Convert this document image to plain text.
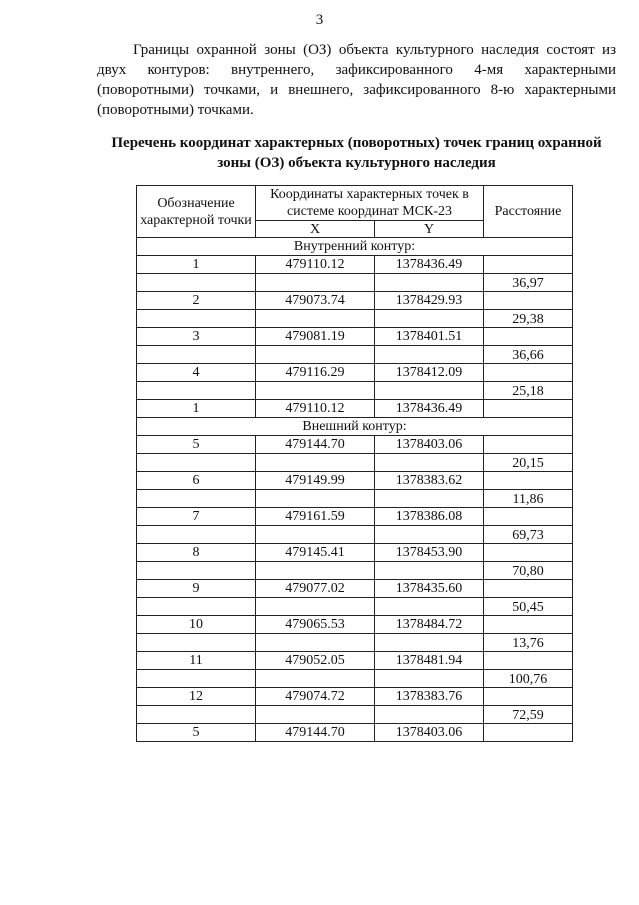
3

Границы охранной зоны (ОЗ) объекта культурного наследия состоят из двух контуров: внутреннего, зафиксированного 4-мя характерными (поворотными) точками, и внешнего, зафиксированного 8-ю характерными (поворотными) точками.

Перечень координат характерных (поворотных) точек границ охранной зоны (ОЗ) объекта культурного наследия

Обозначение характерной точки	Координаты характерных точек в системе координат МСК-23		Расстояние
	X	Y	
Внутренний контур:			
1	479110.12	1378436.49	
			36,97
2	479073.74	1378429.93	
			29,38
3	479081.19	1378401.51	
			36,66
4	479116.29	1378412.09	
			25,18
1	479110.12	1378436.49	
Внешний контур:			
5	479144.70	1378403.06	
			20,15
6	479149.99	1378383.62	
			11,86
7	479161.59	1378386.08	
			69,73
8	479145.41	1378453.90	
			70,80
9	479077.02	1378435.60	
			50,45
10	479065.53	1378484.72	
			13,76
11	479052.05	1378481.94	
			100,76
12	479074.72	1378383.76	
			72,59
5	479144.70	1378403.06	
